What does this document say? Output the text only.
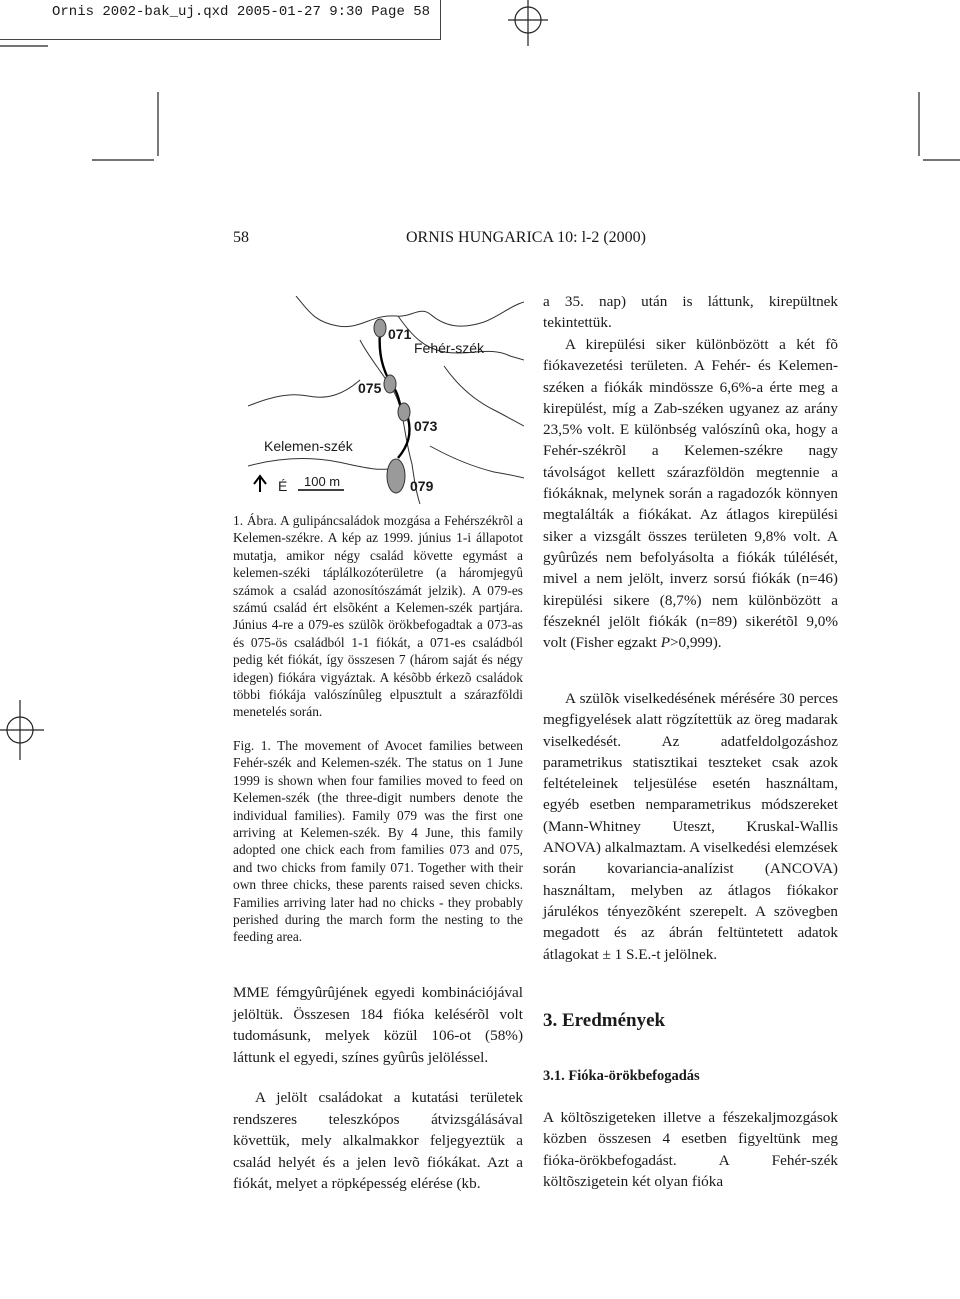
Ornis 2002-bak_uj.qxd 2005-01-27 9:30 Page 58
58	ORNIS HUNGARICA 10: l-2 (2000)
071
Fehér-szék
075
073
Kelemen-szék
É 100 m	079

1. Ábra. A gulipáncsaládok mozgása a Fehérszékrõl a Kelemen-székre. A kép az 1999. június 1-i állapotot mutatja, amikor négy család követte egymást a kelemen-széki táplálkozóterületre (a háromjegyû számok a család azonosítószámát jelzik). A 079-es számú család ért elsõként a Kelemen-szék partjára. Június 4-re a 079-es szülõk örökbefogadtak a 073-as és 075-ös családból 1-1 fiókát, a 071-es családból pedig két fiókát, így összesen 7 (három saját és négy idegen) fiókára vigyáztak. A késõbb érkezõ családok többi fiókája valószínûleg elpusztult a szárazföldi menetelés során.

Fig. 1. The movement of Avocet families between Fehér-szék and Kelemen-szék. The status on 1 June 1999 is shown when four families moved to feed on Kelemen-szék (the three-digit numbers denote the individual families). Family 079 was the first one arriving at Kelemen-szék. By 4 June, this family adopted one chick each from families 073 and 075, and two chicks from family 071. Together with their own three chicks, these parents raised seven chicks. Families arriving later had no chicks - they probably perished during the march form the nesting to the feeding area.

MME fémgyûrûjének egyedi kombinációjával jelöltük. Összesen 184 fióka kelésérõl volt tudomásunk, melyek közül 106-ot (58%) láttunk el egyedi, színes gyûrûs jelöléssel.

A jelölt családokat a kutatási területek rendszeres teleszkópos átvizsgálásával követtük, mely alkalmakkor feljegyeztük a család helyét és a jelen levõ fiókákat. Azt a fiókát, melyet a röpképesség elérése (kb.

a 35. nap) után is láttunk, kirepültnek tekintettük.

A kirepülési siker különbözött a két fõ fiókavezetési területen. A Fehér- és Kelemen-széken a fiókák mindössze 6,6%-a érte meg a kirepülést, míg a Zab-széken ugyanez az arány 23,5% volt. E különbség valószínû oka, hogy a Fehér-székrõl a Kelemen-székre nagy távolságot kellett szárazföldön megtennie a fiókáknak, melynek során a ragadozók könnyen megtalálták a fiókákat. Az átlagos kirepülési siker a vizsgált összes területen 9,8% volt. A gyûrûzés nem befolyásolta a fiókák túlélését, mivel a nem jelölt, inverz sorsú fiókák (n=46) kirepülési sikere (8,7%) nem különbözött a fészeknél jelölt fiókák (n=89) sikerétõl 9,0% volt (Fisher egzakt P>0,999).

A szülõk viselkedésének mérésére 30 perces megfigyelések alatt rögzítettük az öreg madarak viselkedését. Az adatfeldolgozáshoz parametrikus statisztikai teszteket csak azok feltételeinek teljesülése esetén használtam, egyéb esetben nemparametrikus módszereket (Mann-Whitney Uteszt, Kruskal-Wallis ANOVA) alkalmaztam. A viselkedési elemzések során kovariancia-analízist (ANCOVA) használtam, melyben az átlagos fiókakor járulékos tényezõként szerepelt. A szövegben megadott és az ábrán feltüntetett adatok átlagokat ± 1 S.E.-t jelölnek.

3. Eredmények
3.1. Fióka-örökbefogadás

A költõszigeteken illetve a fészekaljmozgások közben összesen 4 esetben figyeltünk meg fióka-örökbefogadást. A Fehér-szék költõszigetein két olyan fióka
